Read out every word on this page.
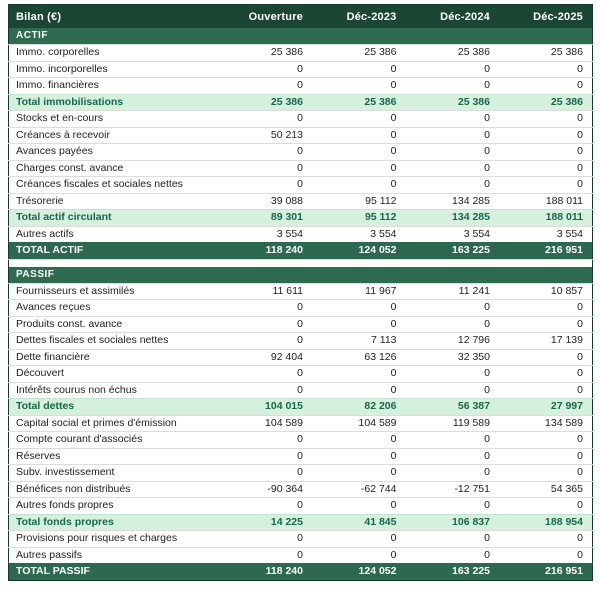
Bilan (€)	Ouverture	Déc-2023	Déc-2024	Déc-2025
ACTIF				
Immo. corporelles	25 386	25 386	25 386	25 386
Immo. incorporelles	0	0	0	0
Immo. financières	0	0	0	0
Total immobilisations	25 386	25 386	25 386	25 386
Stocks et en-cours	0	0	0	0
Créances à recevoir	50 213	0	0	0
Avances payées	0	0	0	0
Charges const. avance	0	0	0	0
Créances fiscales et sociales nettes	0	0	0	0
Trésorerie	39 088	95 112	134 285	188 011
Total actif circulant	89 301	95 112	134 285	188 011
Autres actifs	3 554	3 554	3 554	3 554
TOTAL ACTIF	118 240	124 052	163 225	216 951

PASSIF				
Fournisseurs et assimilés	11 611	11 967	11 241	10 857
Avances reçues	0	0	0	0
Produits const. avance	0	0	0	0
Dettes fiscales et sociales nettes	0	7 113	12 796	17 139
Dette financière	92 404	63 126	32 350	0
Découvert	0	0	0	0
Intérêts courus non échus	0	0	0	0
Total dettes	104 015	82 206	56 387	27 997
Capital social et primes d'émission	104 589	104 589	119 589	134 589
Compte courant d'associés	0	0	0	0
Réserves	0	0	0	0
Subv. investissement	0	0	0	0
Bénéfices non distribués	-90 364	-62 744	-12 751	54 365
Autres fonds propres	0	0	0	0
Total fonds propres	14 225	41 845	106 837	188 954
Provisions pour risques et charges	0	0	0	0
Autres passifs	0	0	0	0
TOTAL PASSIF	118 240	124 052	163 225	216 951
